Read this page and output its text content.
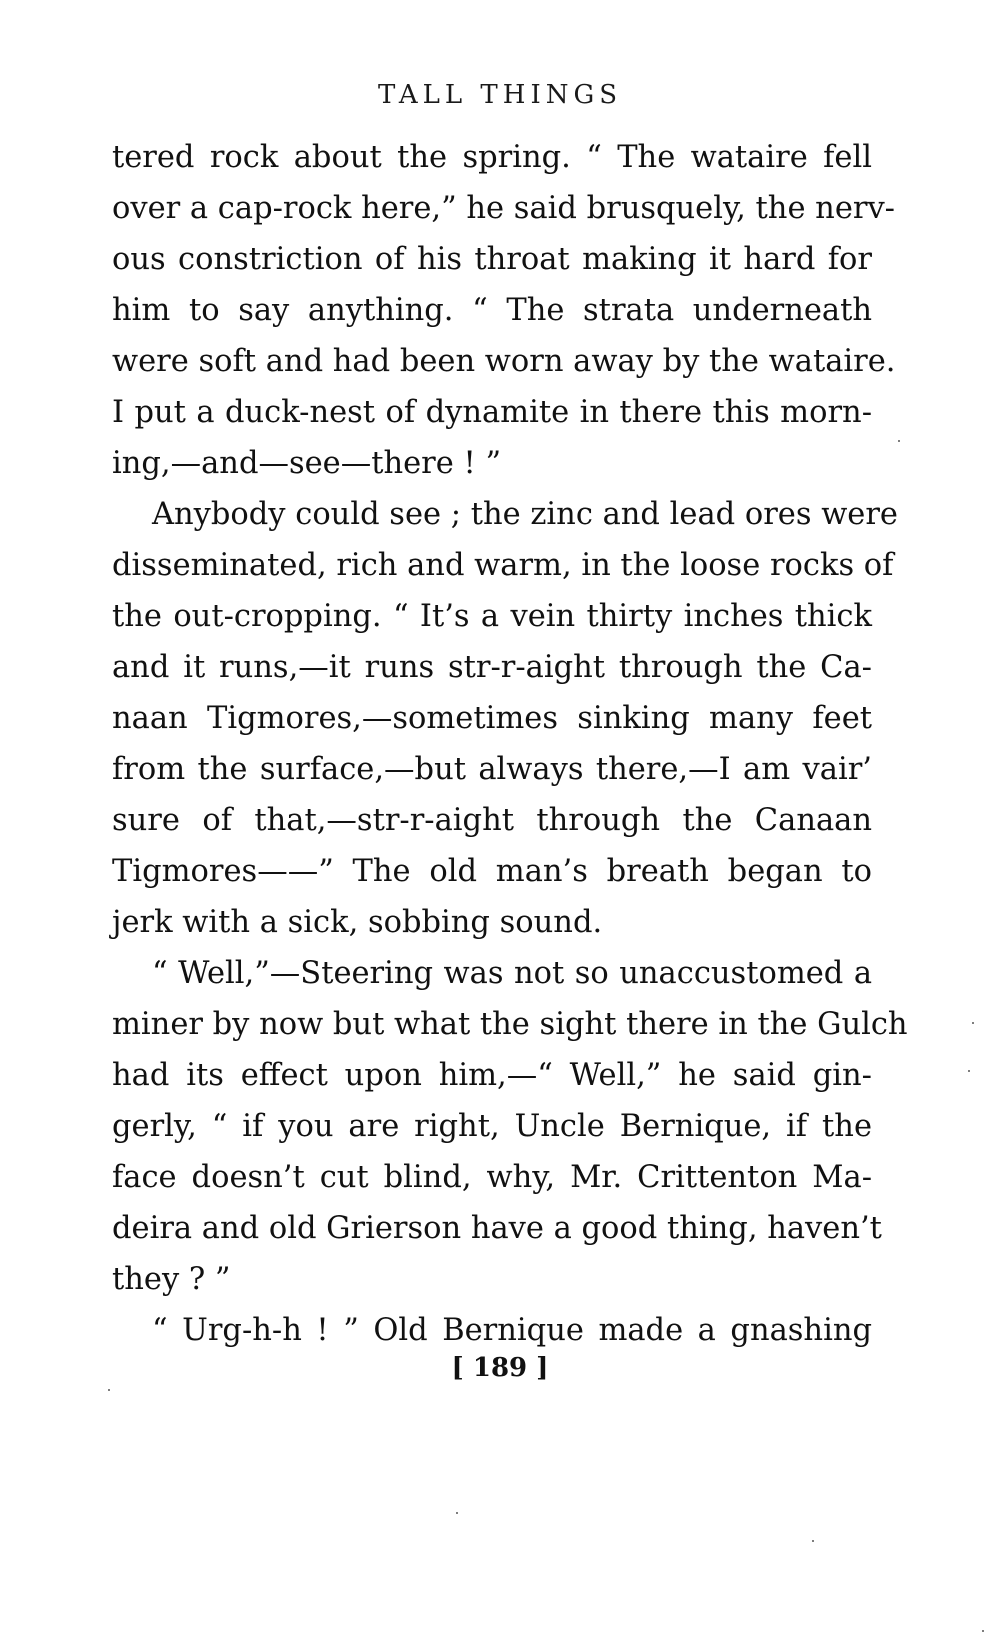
TALL THINGS
tered rock about the spring. “ The wataire fell
over a cap-rock here,” he said brusquely, the nerv-
ous constriction of his throat making it hard for
him to say anything. “ The strata underneath
were soft and had been worn away by the wataire.
I put a duck-nest of dynamite in there this morn-
ing,—and—see—there ! ”
Anybody could see ; the zinc and lead ores were
disseminated, rich and warm, in the loose rocks of
the out-cropping. “ It’s a vein thirty inches thick
and it runs,—it runs str-r-aight through the Ca-
naan Tigmores,—sometimes sinking many feet
from the surface,—but always there,—I am vair’
sure of that,—str-r-aight through the Canaan
Tigmores——” The old man’s breath began to
jerk with a sick, sobbing sound.
“ Well,”—Steering was not so unaccustomed a
miner by now but what the sight there in the Gulch
had its effect upon him,—“ Well,” he said gin-
gerly, “ if you are right, Uncle Bernique, if the
face doesn’t cut blind, why, Mr. Crittenton Ma-
deira and old Grierson have a good thing, haven’t
they ? ”
“ Urg-h-h ! ” Old Bernique made a gnashing
[ 189 ]
